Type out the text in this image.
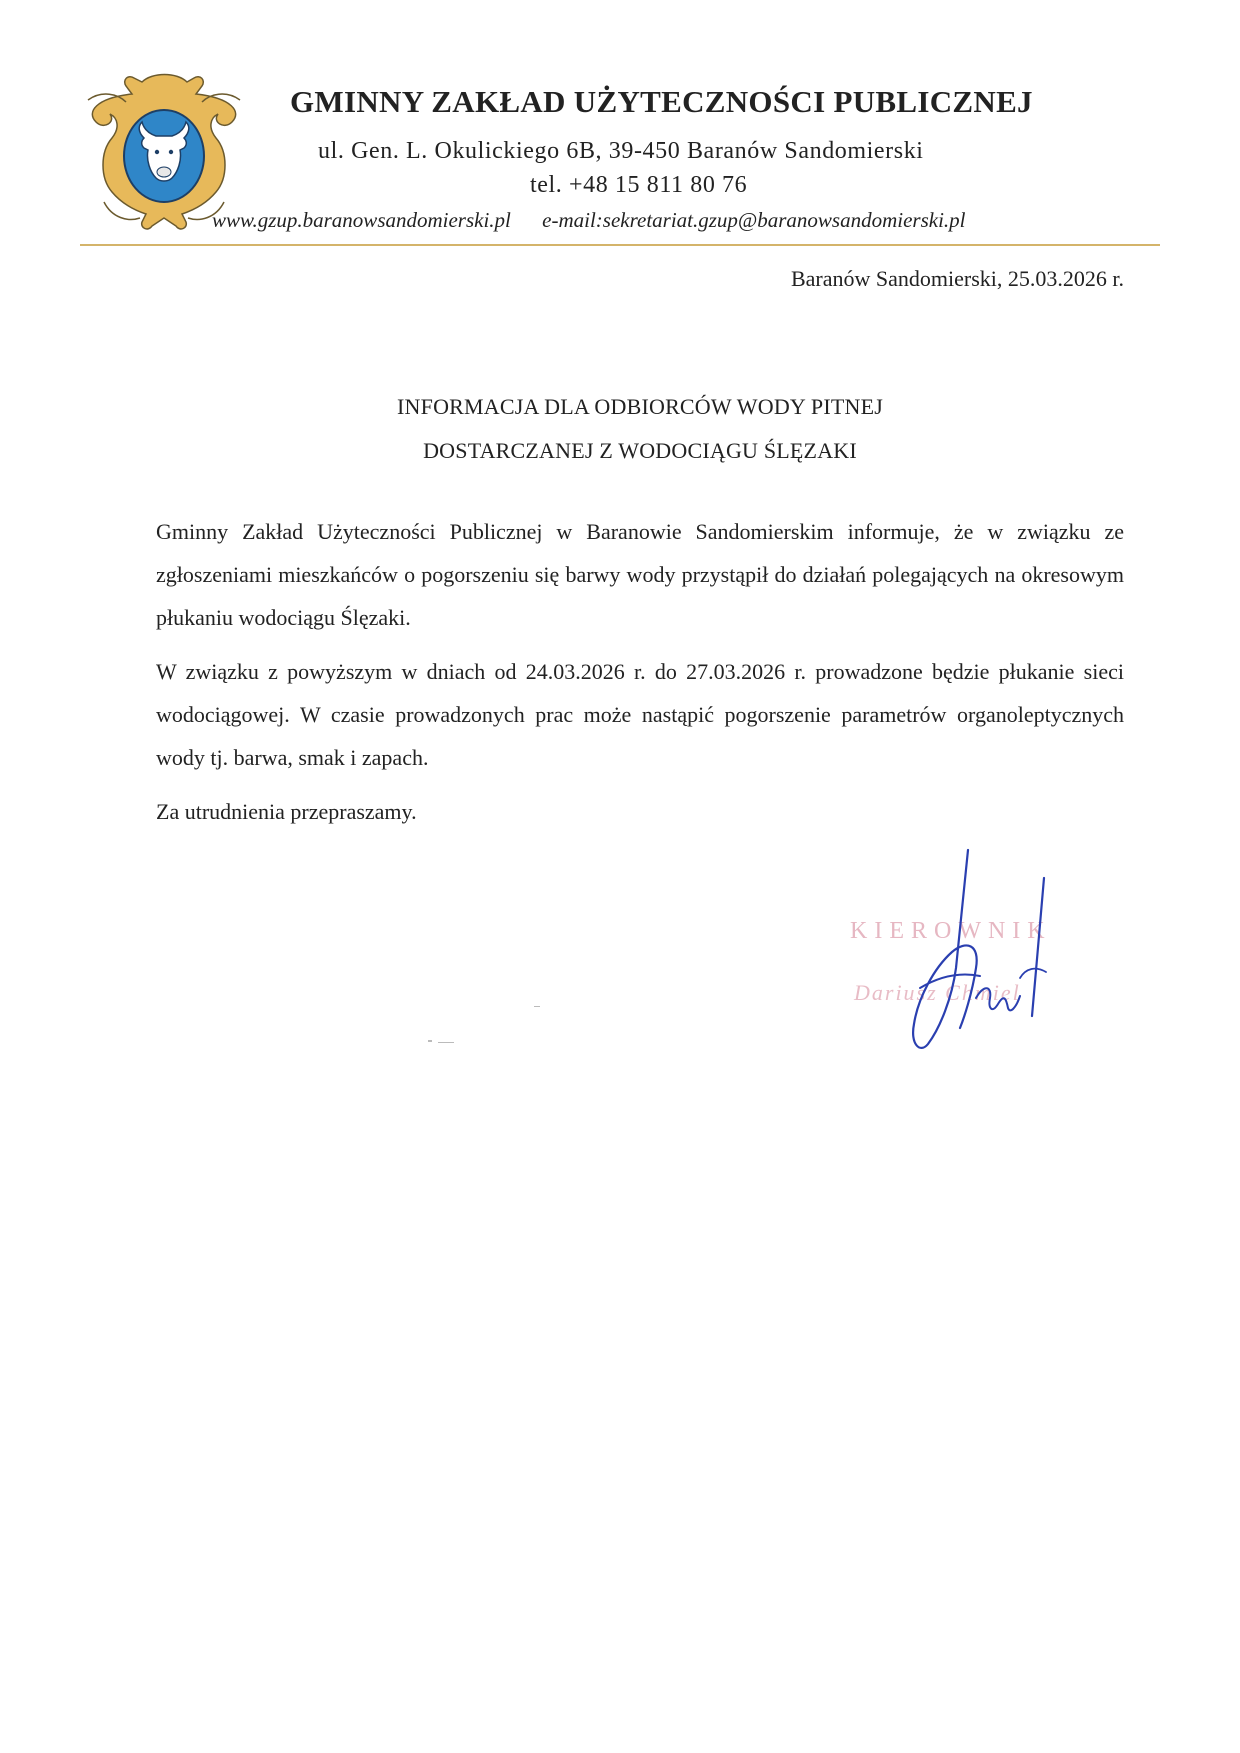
GMINNY ZAKŁAD UŻYTECZNOŚCI PUBLICZNEJ
ul. Gen. L. Okulickiego 6B, 39-450 Baranów Sandomierski
tel. +48 15 811 80 76
www.gzup.baranowsandomierski.pl e-mail:sekretariat.gzup@baranowsandomierski.pl
Baranów Sandomierski, 25.03.2026 r.
INFORMACJA DLA ODBIORCÓW WODY PITNEJ
DOSTARCZANEJ Z WODOCIĄGU ŚLĘZAKI
Gminny Zakład Użyteczności Publicznej w Baranowie Sandomierskim informuje, że w związku ze zgłoszeniami mieszkańców o pogorszeniu się barwy wody przystąpił do działań polegających na okresowym płukaniu wodociągu Ślęzaki.
W związku z powyższym w dniach od 24.03.2026 r. do 27.03.2026 r. prowadzone będzie płukanie sieci wodociągowej. W czasie prowadzonych prac może nastąpić pogorszenie parametrów organoleptycznych wody tj. barwa, smak i zapach.
Za utrudnienia przepraszamy.
KIEROWNIK
Dariusz Chmiel
